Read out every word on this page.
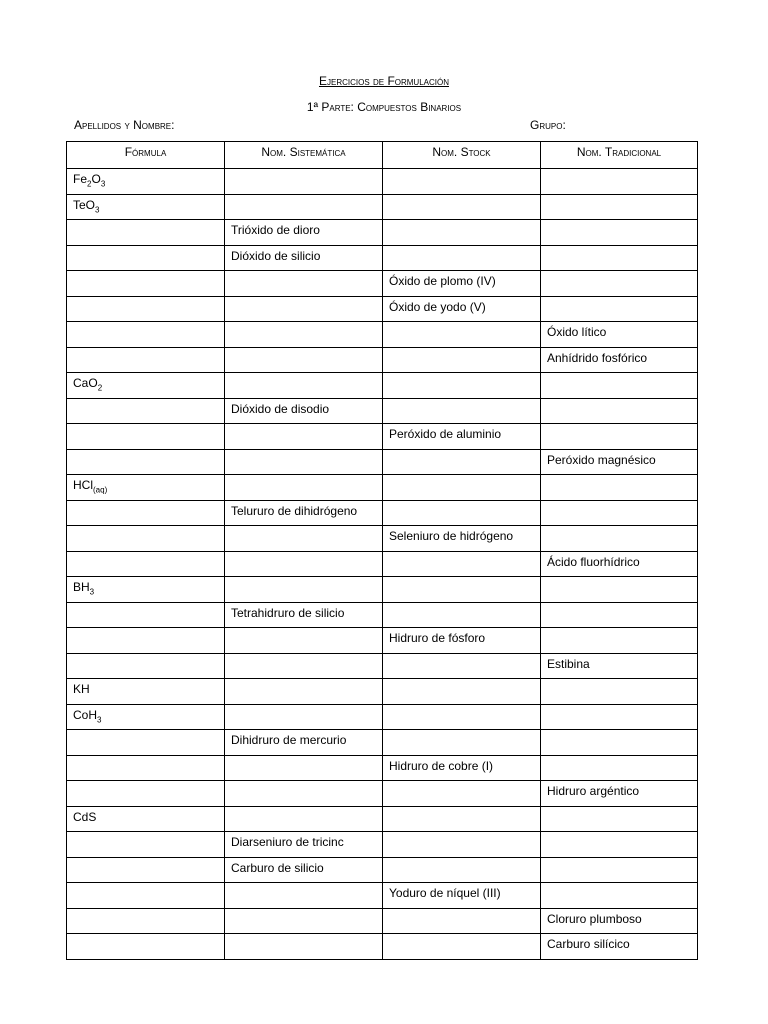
Ejercicios de Formulación
1ª Parte: Compuestos Binarios
Apellidos y Nombre:	Grupo:
Fórmula	Nom. Sistemática	Nom. Stock	Nom. Tradicional
$Fe_2O_3$			
TeO$_3$			
	Trióxido de dioro		
	Dióxido de silicio		
		Óxido de plomo (IV)	
		Óxido de yodo (V)	
			Óxido lítico
			Anhídrido fosfórico
CaO$_2$			
	Dióxido de disodio		
		Peróxido de aluminio	
			Peróxido magnésico
HCl$_{(aq)}$			
	Telururo de dihidrógeno		
		Seleniuro de hidrógeno	
			Ácido fluorhídrico
$BH_3$			
	Tetrahidruro de silicio		
		Hidruro de fósforo	
			Estibina
KH			
CoH$_3$			
	Dihidruro de mercurio		
		Hidruro de cobre (I)	
			Hidruro argéntico
CdS			
	Diarseniuro de tricinc		
	Carburo de silicio		
		Yoduro de níquel (III)	
			Cloruro plumboso
			Carburo silícico
